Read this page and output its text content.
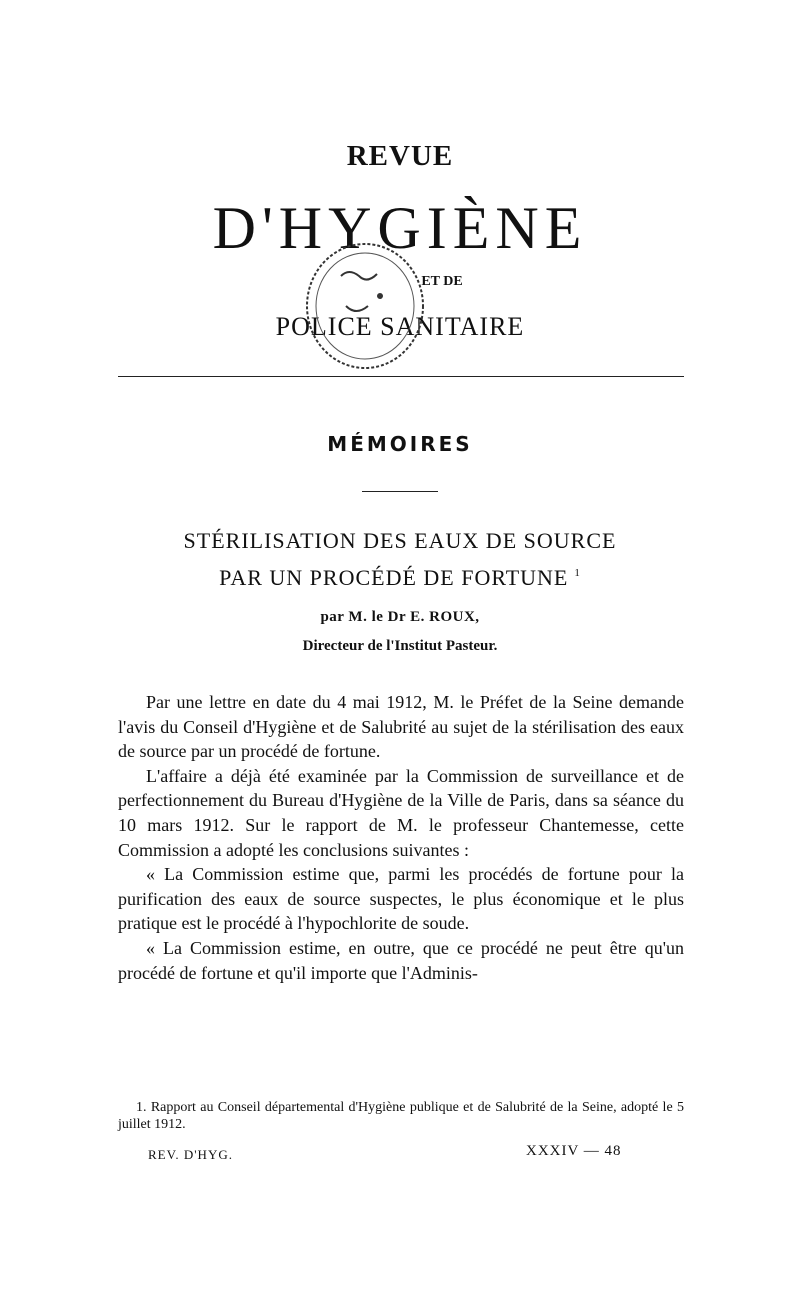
REVUE
D'HYGIÈNE
ET DE
POLICE SANITAIRE
MÉMOIRES
STÉRILISATION DES EAUX DE SOURCE
PAR UN PROCÉDÉ DE FORTUNE $^1$
par M. le Dr E. ROUX,
Directeur de l'Institut Pasteur.

Par une lettre en date du 4 mai 1912, M. le Préfet de la Seine demande l'avis du Conseil d'Hygiène et de Salubrité au sujet de la stérilisation des eaux de source par un procédé de fortune.

L'affaire a déjà été examinée par la Commission de surveillance et de perfectionnement du Bureau d'Hygiène de la Ville de Paris, dans sa séance du 10 mars 1912. Sur le rapport de M. le professeur Chantemesse, cette Commission a adopté les conclusions suivantes :

« La Commission estime que, parmi les procédés de fortune pour la purification des eaux de source suspectes, le plus économique et le plus pratique est le procédé à l'hypochlorite de soude.

« La Commission estime, en outre, que ce procédé ne peut être qu'un procédé de fortune et qu'il importe que l'Adminis-

1. Rapport au Conseil départemental d'Hygiène publique et de Salubrité de la Seine, adopté le 5 juillet 1912.

REV. D'HYG.	XXXIV — 48
